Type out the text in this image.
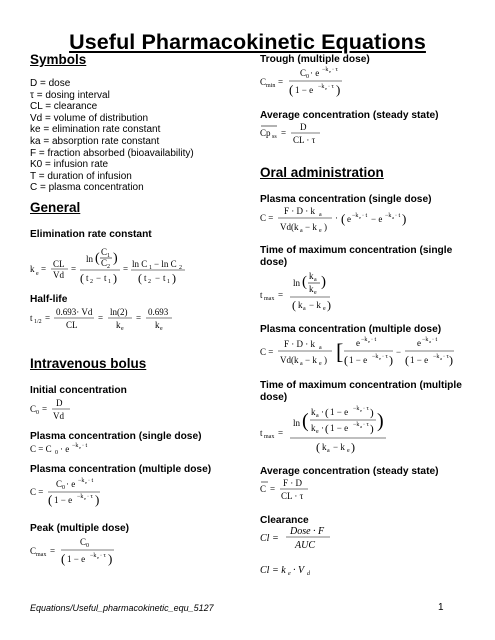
Useful Pharmacokinetic Equations
Symbols
D = dose
τ = dosing interval
CL = clearance
Vd = volume of distribution
ke = elimination rate constant
ka = absorption rate constant
F = fraction absorbed (bioavailability)
K0 = infusion rate
T = duration of infusion
C = plasma concentration
General
Elimination rate constant
k e = CL
Vd
=
ln ( C 1
C 2
)
( t 2 − t 1 )
= ln C 1 − ln C 2
( t 2 − t 1 )
Half-life
t 1/2 =
0.693· Vd
CL
=
ln(2)
k e
=
0.693
k e
Intravenous bolus
Initial concentration
C 0 =
D
Vd
Plasma concentration (single dose)
C = C 0 · e −k e · t
Plasma concentration (multiple dose)
C =
C 0 · e −k e · t
( 1 − e −k e · τ )
Peak (multiple dose)
C max =
C 0
( 1 − e −k e · τ )
Trough (multiple dose)
C min =
C 0 · e −k e · τ
( 1 − e −k e · τ )
Average concentration (steady state)
Cp ss =
D
CL · τ
Oral administration
Plasma concentration (single dose)
C =
F · D · k a
Vd(k a − k e )
· ( e −k e · t − e −k a · t )
Time of maximum concentration (single dose)
t max =
ln ( k a
k e
)
( k a − k e )
Plasma concentration (multiple dose)
C =
F · D · k a
Vd(k a − k e ) [ e −k e · t
( 1 − e −k e · τ )
−
e −k a · t
( 1 − e −k a · τ )
Time of maximum concentration (multiple dose)
t max =
ln ( k a · ( 1 − e −k e · τ )
k e · ( 1 − e −k a · τ ) )
( k a − k e )
Average concentration (steady state)
C =
F · D
CL · τ
Clearance
Cl =
Dose · F
AUC
Cl = k e · V d
Equations/Useful_pharmacokinetic_equ_5127	1
